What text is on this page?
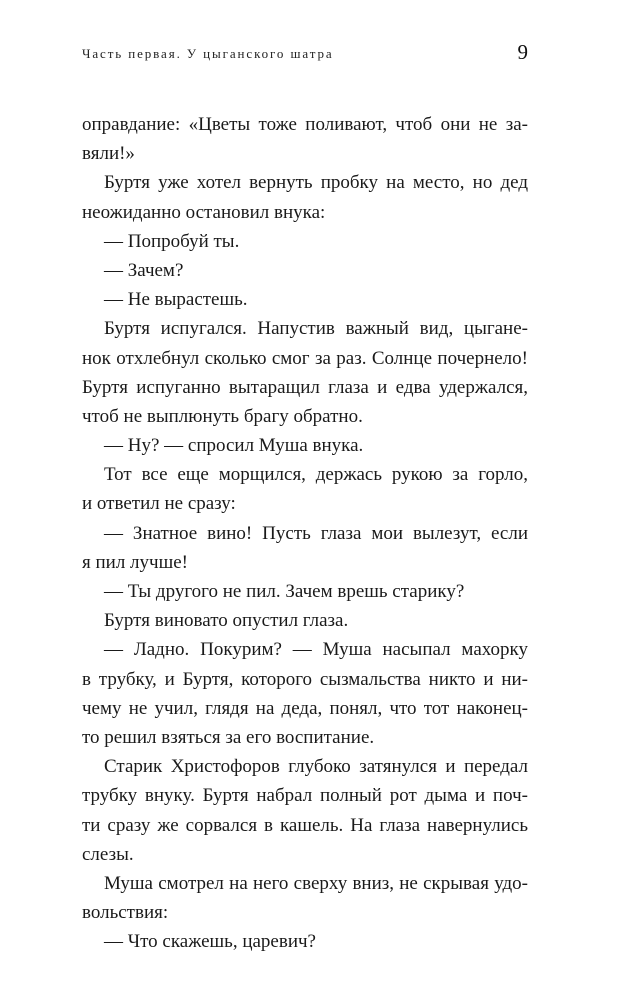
Часть первая. У цыганского шатра	9
оправдание: «Цветы тоже поливают, чтоб они не за-
вяли!»
Буртя уже хотел вернуть пробку на место, но дед
неожиданно остановил внука:
— Попробуй ты.
— Зачем?
— Не вырастешь.
Буртя испугался. Напустив важный вид, цыгане-
нок отхлебнул сколько смог за раз. Солнце почернело!
Буртя испуганно вытаращил глаза и едва удержался,
чтоб не выплюнуть брагу обратно.
— Ну? — спросил Муша внука.
Тот все еще морщился, держась рукою за горло,
и ответил не сразу:
— Знатное вино! Пусть глаза мои вылезут, если
я пил лучше!
— Ты другого не пил. Зачем врешь старику?
Буртя виновато опустил глаза.
— Ладно. Покурим? — Муша насыпал махорку
в трубку, и Буртя, которого сызмальства никто и ни-
чему не учил, глядя на деда, понял, что тот наконец-
то решил взяться за его воспитание.
Старик Христофоров глубоко затянулся и передал
трубку внуку. Буртя набрал полный рот дыма и поч-
ти сразу же сорвался в кашель. На глаза навернулись
слезы.
Муша смотрел на него сверху вниз, не скрывая удо-
вольствия:
— Что скажешь, царевич?
